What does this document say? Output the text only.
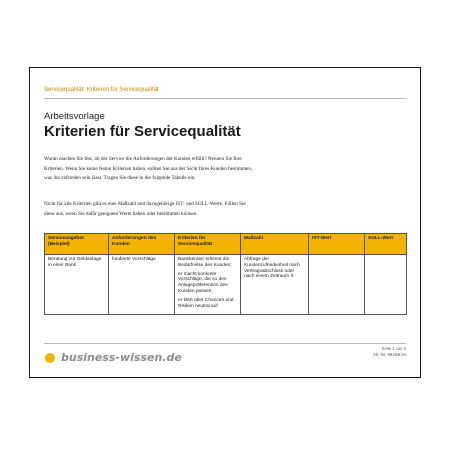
Servicequalität: Kriterien für Servicequalität
Arbeitsvorlage
Kriterien für Servicequalität
Woran machen Sie fest, ob der Service die Anforderungen der Kunden erfüllt? Nennen Sie Ihre Kriterien. Wenn Sie keine festen Kriterien haben, sollten Sie aus der Sicht Ihres Kunden bestimmen, was ihn zufrieden sein lässt. Tragen Sie diese in die folgende Tabelle ein.
Nicht für alle Kriterien gibt es eine Maßzahl und dazugehörige IST- und SOLL-Werte. Füllen Sie diese aus, wenn Sie dafür geeignete Werte haben oder bestimmen können.
Serviceangebot (Beispiel)	Anforderungen des Kunden	Kriterien für Servicequalität	Maßzahl	IST-Wert	SOLL-Wert
Beratung zur Geldanlage in einer Bank	fundierte Vorschläge	Bankberater erkennt die Bedürfnisse des Kunden;

er macht konkrete Vorschläge, die zu den Anlagepräferenzen des Kunden passen;

er klärt über Chancen und Risiken neutral auf	Abfrage der Kundenzufriedenheit nach Vertragsabschluss oder nach einem Zeitraum X		
business-wissen.de
Seite 1 von 2
Art.-Nr. 99.066.04
